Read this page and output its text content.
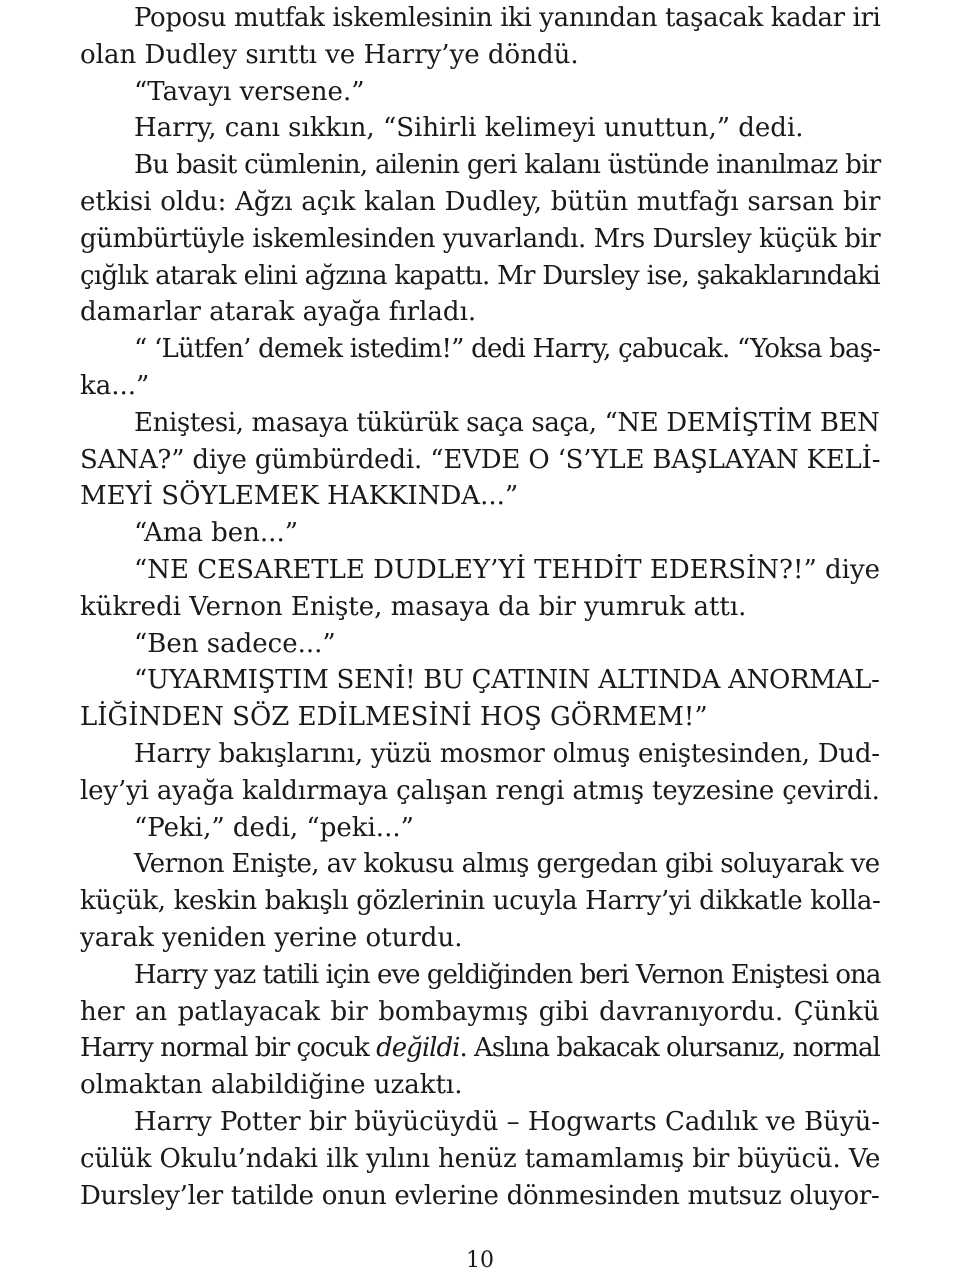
Poposu mutfak iskemlesinin iki yanından taşacak kadar iri
olan Dudley sırıttı ve Harry’ye döndü.
“Tavayı versene.”
Harry, canı sıkkın, “Sihirli kelimeyi unuttun,” dedi.
Bu basit cümlenin, ailenin geri kalanı üstünde inanılmaz bir
etkisi oldu: Ağzı açık kalan Dudley, bütün mutfağı sarsan bir
gümbürtüyle iskemlesinden yuvarlandı. Mrs Dursley küçük bir
çığlık atarak elini ağzına kapattı. Mr Dursley ise, şakaklarındaki
damarlar atarak ayağa fırladı.
“ ‘Lütfen’ demek istedim!” dedi Harry, çabucak. “Yoksa baş-
ka...”
Eniştesi, masaya tükürük saça saça, “NE DEMİŞTİM BEN
SANA?” diye gümbürdedi. “EVDE O ‘S’YLE BAŞLAYAN KELİ-
MEYİ SÖYLEMEK HAKKINDA...”
“Ama ben...”
“NE CESARETLE DUDLEY’Yİ TEHDİT EDERSİN?!” diye
kükredi Vernon Enişte, masaya da bir yumruk attı.
“Ben sadece...”
“UYARMIŞTIM SENİ! BU ÇATININ ALTINDA ANORMAL-
LİĞİNDEN SÖZ EDİLMESİNİ HOŞ GÖRMEM!”
Harry bakışlarını, yüzü mosmor olmuş eniştesinden, Dud-
ley’yi ayağa kaldırmaya çalışan rengi atmış teyzesine çevirdi.
“Peki,” dedi, “peki...”
Vernon Enişte, av kokusu almış gergedan gibi soluyarak ve
küçük, keskin bakışlı gözlerinin ucuyla Harry’yi dikkatle kolla-
yarak yeniden yerine oturdu.
Harry yaz tatili için eve geldiğinden beri Vernon Eniştesi ona
her an patlayacak bir bombaymış gibi davranıyordu. Çünkü
Harry normal bir çocuk değildi. Aslına bakacak olursanız, normal
olmaktan alabildiğine uzaktı.
Harry Potter bir büyücüydü – Hogwarts Cadılık ve Büyü-
cülük Okulu’ndaki ilk yılını henüz tamamlamış bir büyücü. Ve
Dursley’ler tatilde onun evlerine dönmesinden mutsuz oluyor-
10
